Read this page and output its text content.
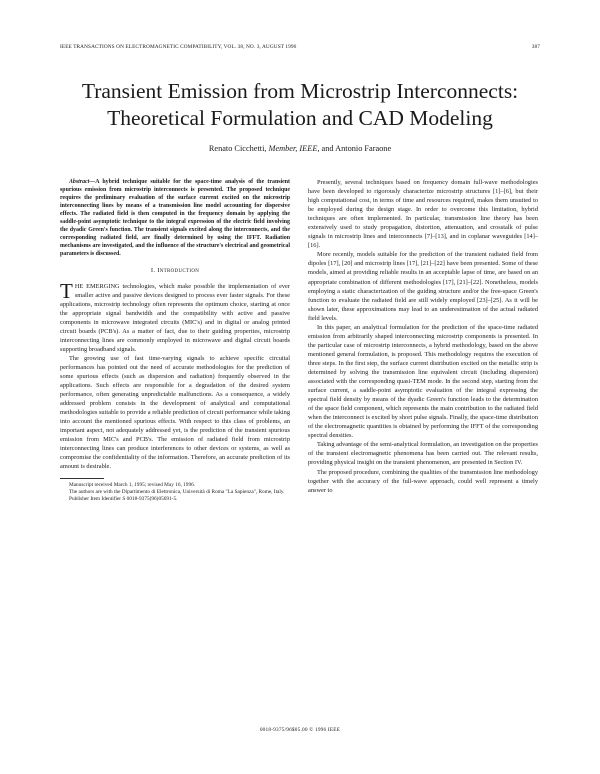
IEEE TRANSACTIONS ON ELECTROMAGNETIC COMPATIBILITY, VOL. 38, NO. 3, AUGUST 1996	387
Transient Emission from Microstrip Interconnects:
Theoretical Formulation and CAD Modeling
Renato Cicchetti, Member, IEEE, and Antonio Faraone

Abstract—A hybrid technique suitable for the space-time analysis of the transient spurious emission from microstrip interconnects is presented. The proposed technique requires the preliminary evaluation of the surface current excited on the microstrip interconnecting lines by means of a transmission line model accounting for dispersive effects. The radiated field is then computed in the frequency domain by applying the saddle-point asymptotic technique to the integral expression of the electric field involving the dyadic Green's function. The transient signals excited along the interconnects, and the corresponding radiated field, are finally determined by using the IFFT. Radiation mechanisms are investigated, and the influence of the structure's electrical and geometrical parameters is discussed.

I. Introduction

THE EMERGING technologies, which make possible the implementation of ever smaller active and passive devices designed to process ever faster signals. For these applications, microstrip technology often represents the optimum choice, starting at once the appropriate signal bandwidth and the compatibility with active and passive components in microwave integrated circuits (MIC's) and in digital or analog printed circuit boards (PCB's). As a matter of fact, due to their guiding properties, microstrip interconnecting lines are commonly employed in microwave and digital circuit boards supporting broadband signals.

The growing use of fast time-varying signals to achieve specific circuital performances has pointed out the need of accurate methodologies for the prediction of some spurious effects (such as dispersion and radiation) frequently observed in the applications. Such effects are responsible for a degradation of the desired system performance, often generating unpredictable malfunctions. As a consequence, a widely addressed problem consists in the development of analytical and computational methodologies suitable to provide a reliable prediction of circuit performance while taking into account the mentioned spurious effects. With respect to this class of problems, an important aspect, not adequately addressed yet, is the prediction of the transient spurious emission from MIC's and PCB's. The emission of radiated field from microstrip interconnecting lines can produce interferences to other devices or systems, as well as compromise the confidentiality of the information. Therefore, an accurate prediction of its amount is desirable.

Manuscript received March 1, 1995; revised May 16, 1996.

The authors are with the Dipartimento di Elettronica, Università di Roma "La Sapienza", Rome, Italy.

Publisher Item Identifier S 0018-9375(96)05691-5.

Presently, several techniques based on frequency domain full-wave methodologies have been developed to rigorously characterize microstrip structures [1]–[6], but their high computational cost, in terms of time and resources required, makes them unsuited to be employed during the design stage. In order to overcome this limitation, hybrid techniques are often implemented. In particular, transmission line theory has been extensively used to study propagation, distortion, attenuation, and crosstalk of pulse signals in microstrip lines and interconnects [7]–[13], and in coplanar waveguides [14]–[16].

More recently, models suitable for the prediction of the transient radiated field from dipoles [17], [20] and microstrip lines [17], [21]–[22] have been presented. Some of these models, aimed at providing reliable results in an acceptable lapse of time, are based on an appropriate combination of different methodologies [17], [21]–[22]. Nonetheless, models employing a static characterization of the guiding structure and/or the free-space Green's function to evaluate the radiated field are still widely employed [23]–[25]. As it will be shown later, these approximations may lead to an underestimation of the actual radiated field levels.

In this paper, an analytical formulation for the prediction of the space-time radiated emission from arbitrarily shaped interconnecting microstrip components is presented. In the particular case of microstrip interconnects, a hybrid methodology, based on the above mentioned general formulation, is proposed. This methodology requires the execution of three steps. In the first step, the surface current distribution excited on the metallic strip is determined by solving the transmission line equivalent circuit (including dispersion) associated with the corresponding quasi-TEM mode. In the second step, starting from the surface current, a saddle-point asymptotic evaluation of the integral expressing the spectral field density by means of the dyadic Green's function leads to the determination of the space field component, which represents the main contribution to the radiated field when the interconnect is excited by short pulse signals. Finally, the space-time distribution of the electromagnetic quantities is obtained by performing the IFFT of the corresponding spectral densities.

Taking advantage of the semi-analytical formulation, an investigation on the properties of the transient electromagnetic phenomena has been carried out. The relevant results, providing physical insight on the transient phenomenon, are presented in Section IV.

The proposed procedure, combining the qualities of the transmission line methodology together with the accuracy of the full-wave approach, could well represent a timely answer to

0018-9375/96$05.00 © 1996 IEEE
